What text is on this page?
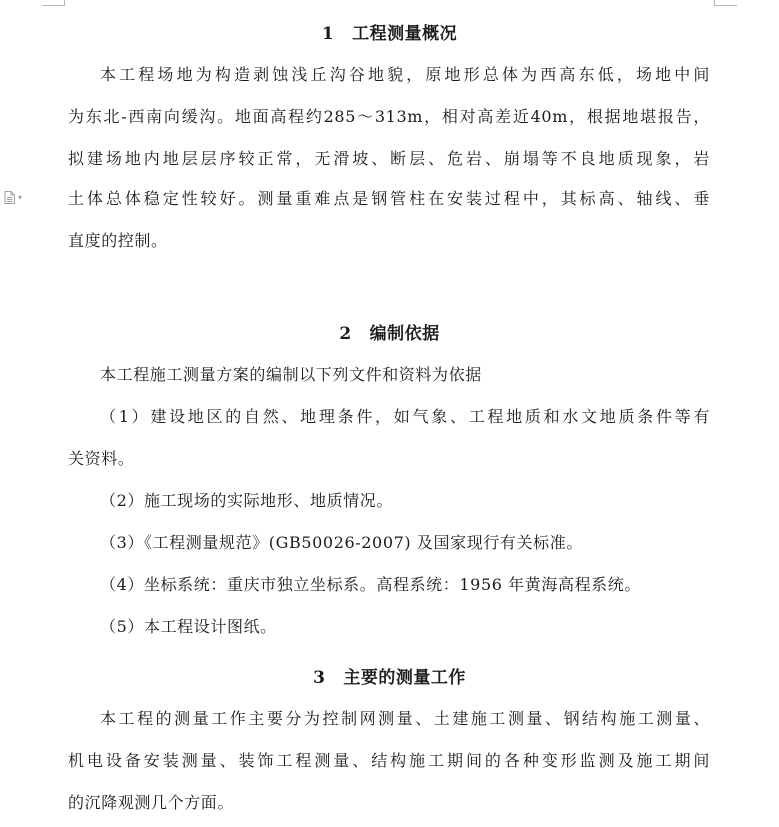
▾
1 工程测量概况
本工程场地为构造剥蚀浅丘沟谷地貌，原地形总体为西高东低，场地中间
为东北-西南向缓沟。地面高程约285～313m，相对高差近40m，根据地堪报告，
拟建场地内地层层序较正常，无滑坡、断层、危岩、崩塌等不良地质现象，岩
土体总体稳定性较好。测量重难点是钢管柱在安装过程中，其标高、轴线、垂
直度的控制。
2 编制依据
本工程施工测量方案的编制以下列文件和资料为依据
（1）建设地区的自然、地理条件，如气象、工程地质和水文地质条件等有
关资料。
（2）施工现场的实际地形、地质情况。
（3）《工程测量规范》(GB50026-2007) 及国家现行有关标准。
（4）坐标系统：重庆市独立坐标系。高程系统：1956 年黄海高程系统。
（5）本工程设计图纸。
3 主要的测量工作
本工程的测量工作主要分为控制网测量、土建施工测量、钢结构施工测量、
机电设备安装测量、装饰工程测量、结构施工期间的各种变形监测及施工期间
的沉降观测几个方面。
